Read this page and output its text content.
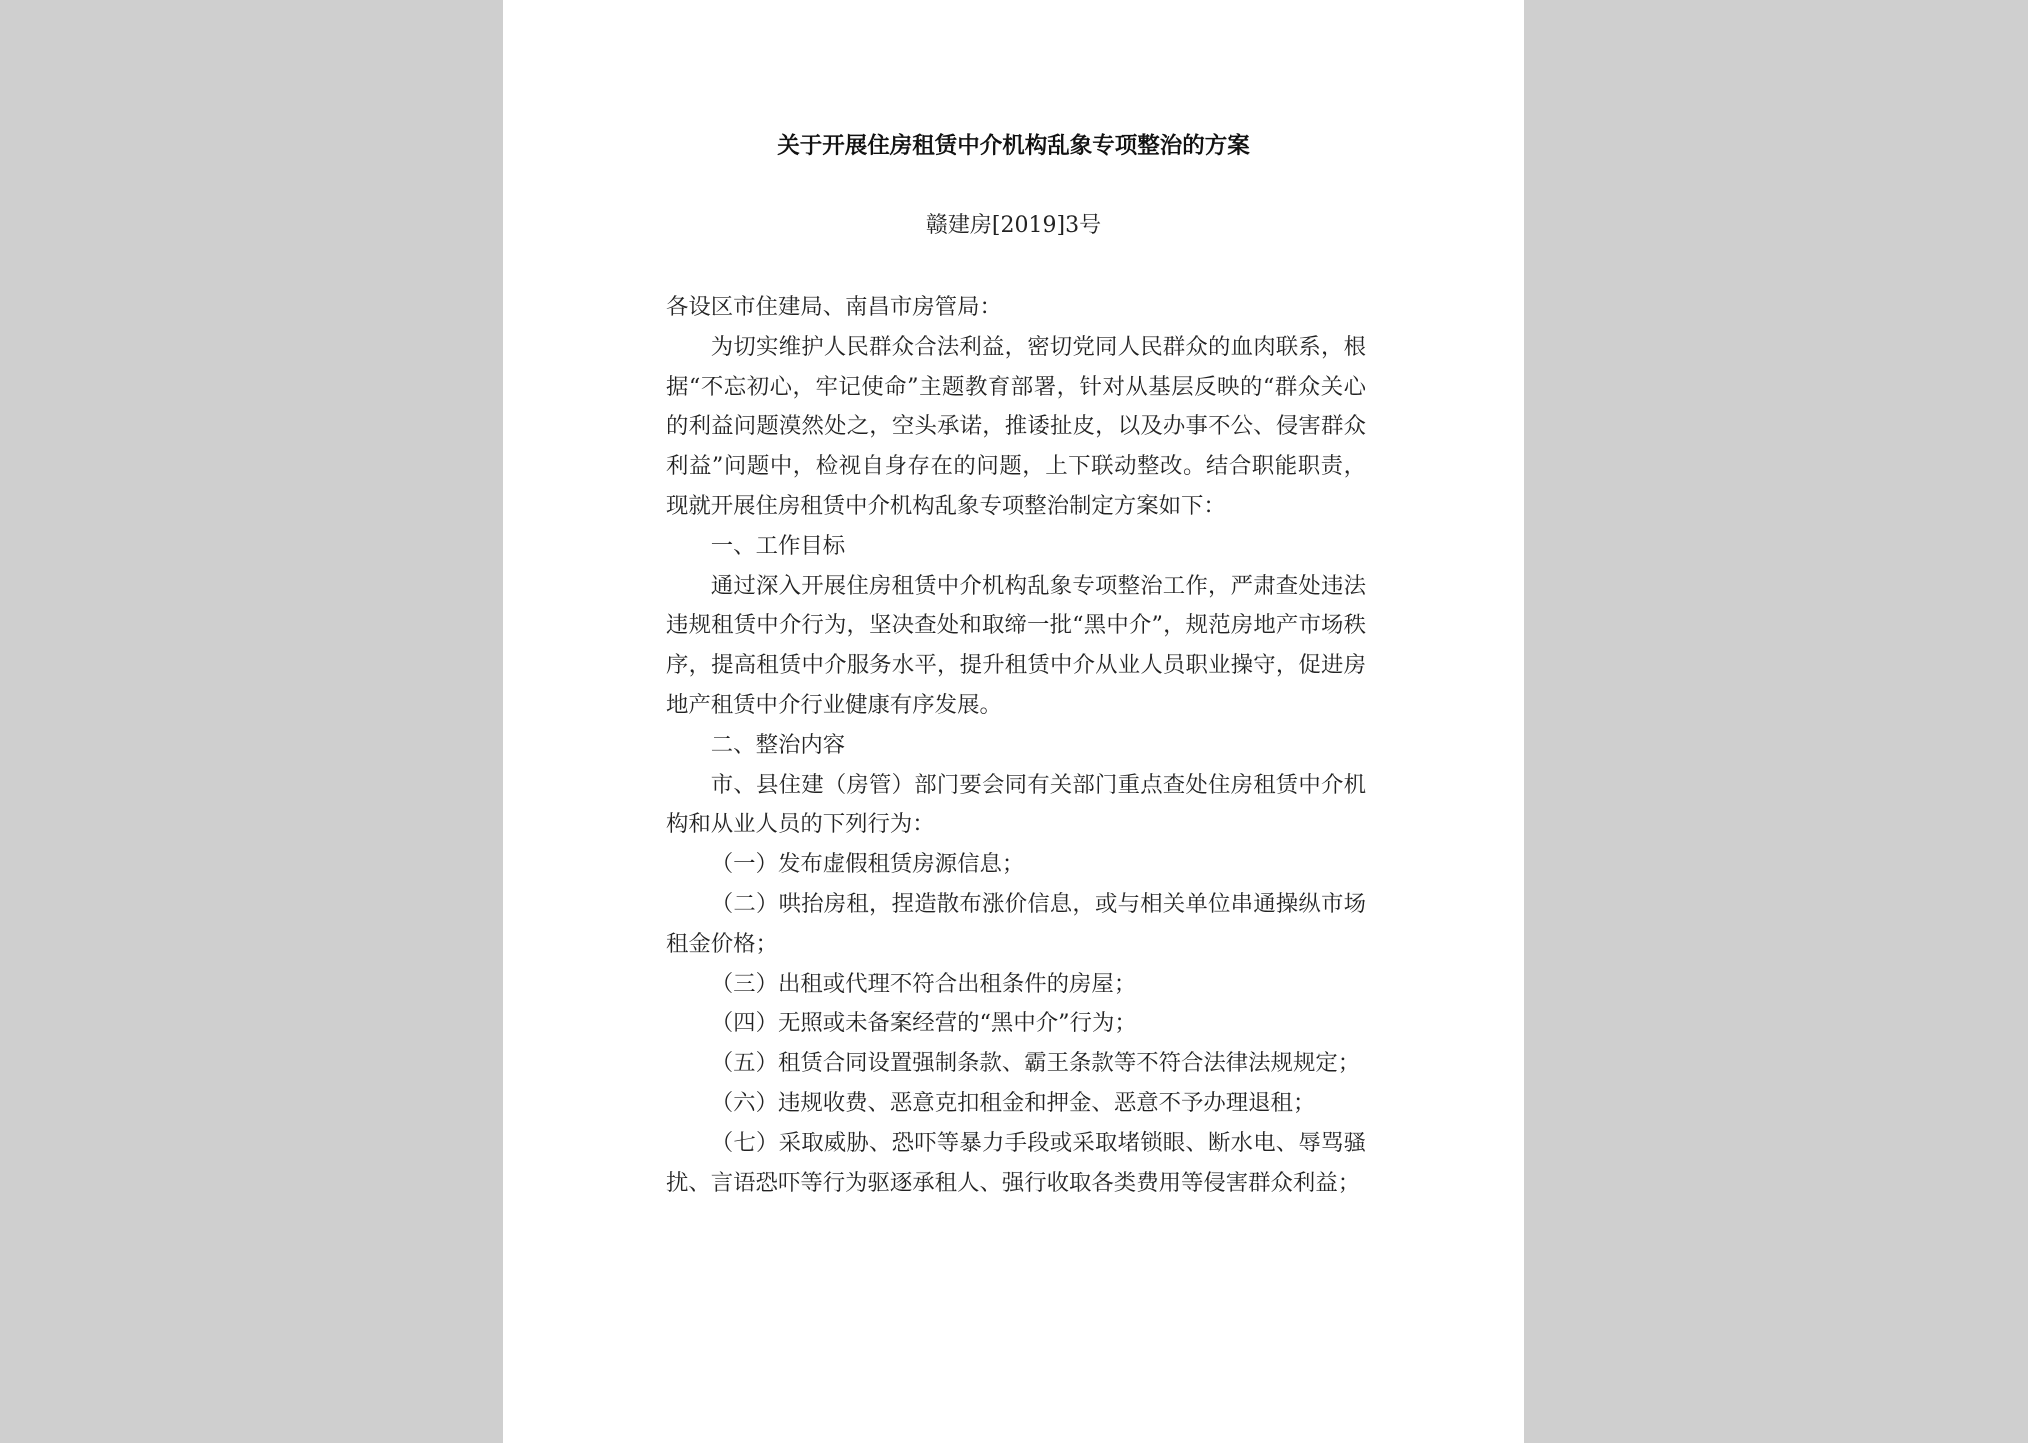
关于开展住房租赁中介机构乱象专项整治的方案
赣建房[2019]3号

各设区市住建局、南昌市房管局：

为切实维护人民群众合法利益，密切党同人民群众的血肉联系，根据“不忘初心，牢记使命”主题教育部署，针对从基层反映的“群众关心的利益问题漠然处之，空头承诺，推诿扯皮，以及办事不公、侵害群众利益”问题中，检视自身存在的问题，上下联动整改。结合职能职责，现就开展住房租赁中介机构乱象专项整治制定方案如下：

一、工作目标

通过深入开展住房租赁中介机构乱象专项整治工作，严肃查处违法违规租赁中介行为，坚决查处和取缔一批“黑中介”，规范房地产市场秩序，提高租赁中介服务水平，提升租赁中介从业人员职业操守，促进房地产租赁中介行业健康有序发展。

二、整治内容

市、县住建（房管）部门要会同有关部门重点查处住房租赁中介机构和从业人员的下列行为：

（一）发布虚假租赁房源信息；

（二）哄抬房租，捏造散布涨价信息，或与相关单位串通操纵市场租金价格；

（三）出租或代理不符合出租条件的房屋；

（四）无照或未备案经营的“黑中介”行为；

（五）租赁合同设置强制条款、霸王条款等不符合法律法规规定；

（六）违规收费、恶意克扣租金和押金、恶意不予办理退租；

（七）采取威胁、恐吓等暴力手段或采取堵锁眼、断水电、辱骂骚扰、言语恐吓等行为驱逐承租人、强行收取各类费用等侵害群众利益；
